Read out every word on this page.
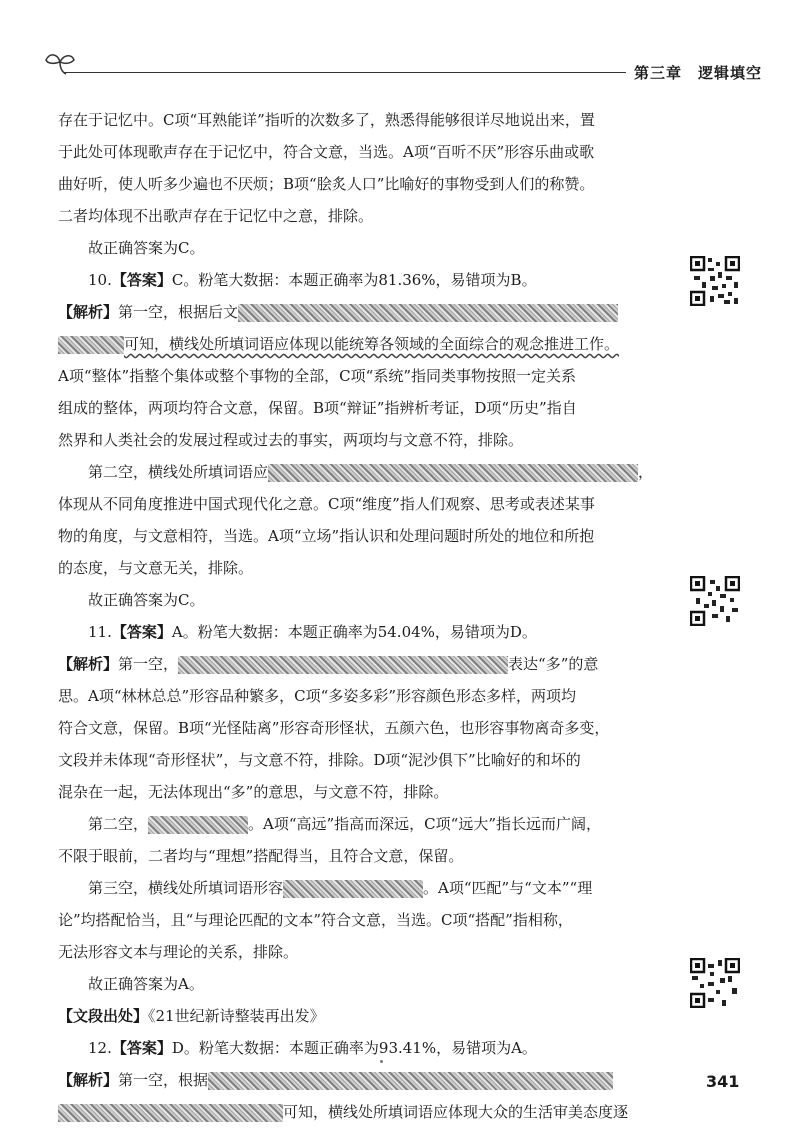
第三章　逻辑填空
存在于记忆中。C项“耳熟能详”指听的次数多了，熟悉得能够很详尽地说出来，置
于此处可体现歌声存在于记忆中，符合文意，当选。A项“百听不厌”形容乐曲或歌
曲好听，使人听多少遍也不厌烦；B项“脍炙人口”比喻好的事物受到人们的称赞。
二者均体现不出歌声存在于记忆中之意，排除。
故正确答案为C。
10.【答案】C。粉笔大数据：本题正确率为81.36%，易错项为B。
【解析】第一空，根据后文
可知，横线处所填词语应体现以能统筹各领域的全面综合的观念推进工作。
A项“整体”指整个集体或整个事物的全部，C项“系统”指同类事物按照一定关系
组成的整体，两项均符合文意，保留。B项“辩证”指辨析考证，D项“历史”指自
然界和人类社会的发展过程或过去的事实，两项均与文意不符，排除。
第二空，横线处所填词语应	，
体现从不同角度推进中国式现代化之意。C项“维度”指人们观察、思考或表述某事
物的角度，与文意相符，当选。A项“立场”指认识和处理问题时所处的地位和所抱
的态度，与文意无关，排除。
故正确答案为C。
11.【答案】A。粉笔大数据：本题正确率为54.04%，易错项为D。
【解析】第一空，	表达“多”的意
思。A项“林林总总”形容品种繁多，C项“多姿多彩”形容颜色形态多样，两项均
符合文意，保留。B项“光怪陆离”形容奇形怪状，五颜六色，也形容事物离奇多变，
文段并未体现“奇形怪状”，与文意不符，排除。D项“泥沙俱下”比喻好的和坏的
混杂在一起，无法体现出“多”的意思，与文意不符，排除。
第二空，	。A项“高远”指高而深远，C项“远大”指长远而广阔，
不限于眼前，二者均与“理想”搭配得当，且符合文意，保留。
第三空，横线处所填词语形容	。A项“匹配”与“文本”“理
论”均搭配恰当，且“与理论匹配的文本”符合文意，当选。C项“搭配”指相称，
无法形容文本与理论的关系，排除。
故正确答案为A。
【文段出处】《21世纪新诗整装再出发》
12.【答案】D。粉笔大数据：本题正确率为93.41%，易错项为A。
【解析】第一空，根据
可知，横线处所填词语应体现大众的生活审美态度逐
341
